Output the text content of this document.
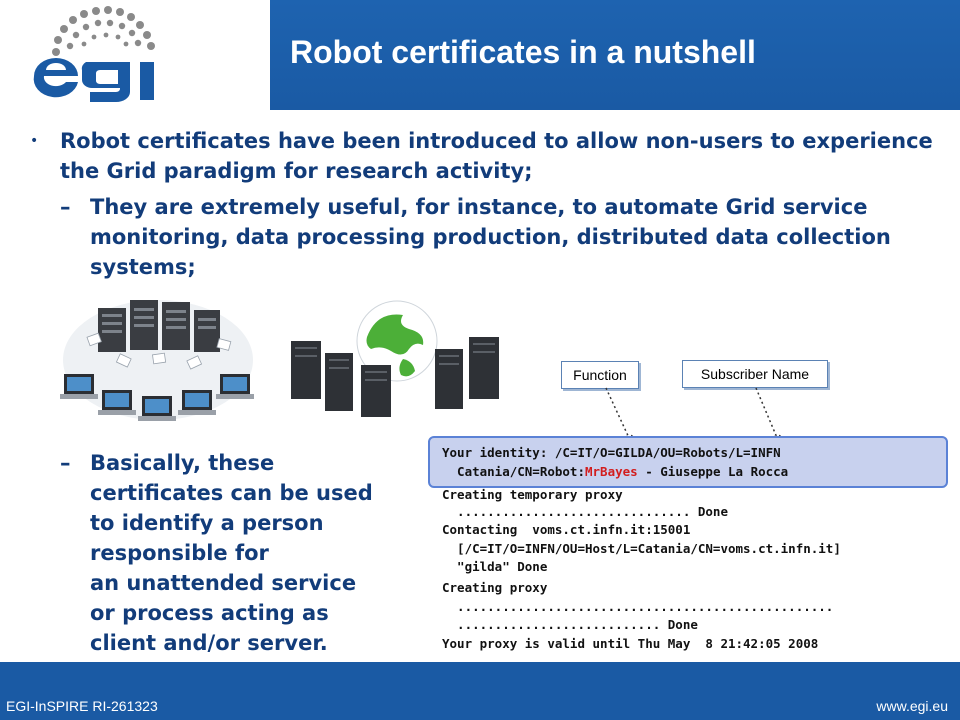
Robot certificates in a nutshell
• Robot certificates have been introduced to allow non-users to experience the Grid paradigm for research activity;
– They are extremely useful, for instance, to automate Grid service monitoring, data processing production, distributed data collection systems;
– Basically, these
certificates can be used
to identify a person
responsible for
an unattended service
or process acting as
client and/or server.
Function	Subscriber Name
Your identity: /C=IT/O=GILDA/OU=Robots/L=INFN
Catania/CN=Robot:MrBayes - Giuseppe La Rocca
Creating temporary proxy
............................... Done
Contacting  voms.ct.infn.it:15001
[/C=IT/O=INFN/OU=Host/L=Catania/CN=voms.ct.infn.it]
"gilda" Done
Creating proxy
..................................................
........................... Done
Your proxy is valid until Thu May  8 21:42:05 2008
EGI-InSPIRE RI-261323	www.egi.eu
